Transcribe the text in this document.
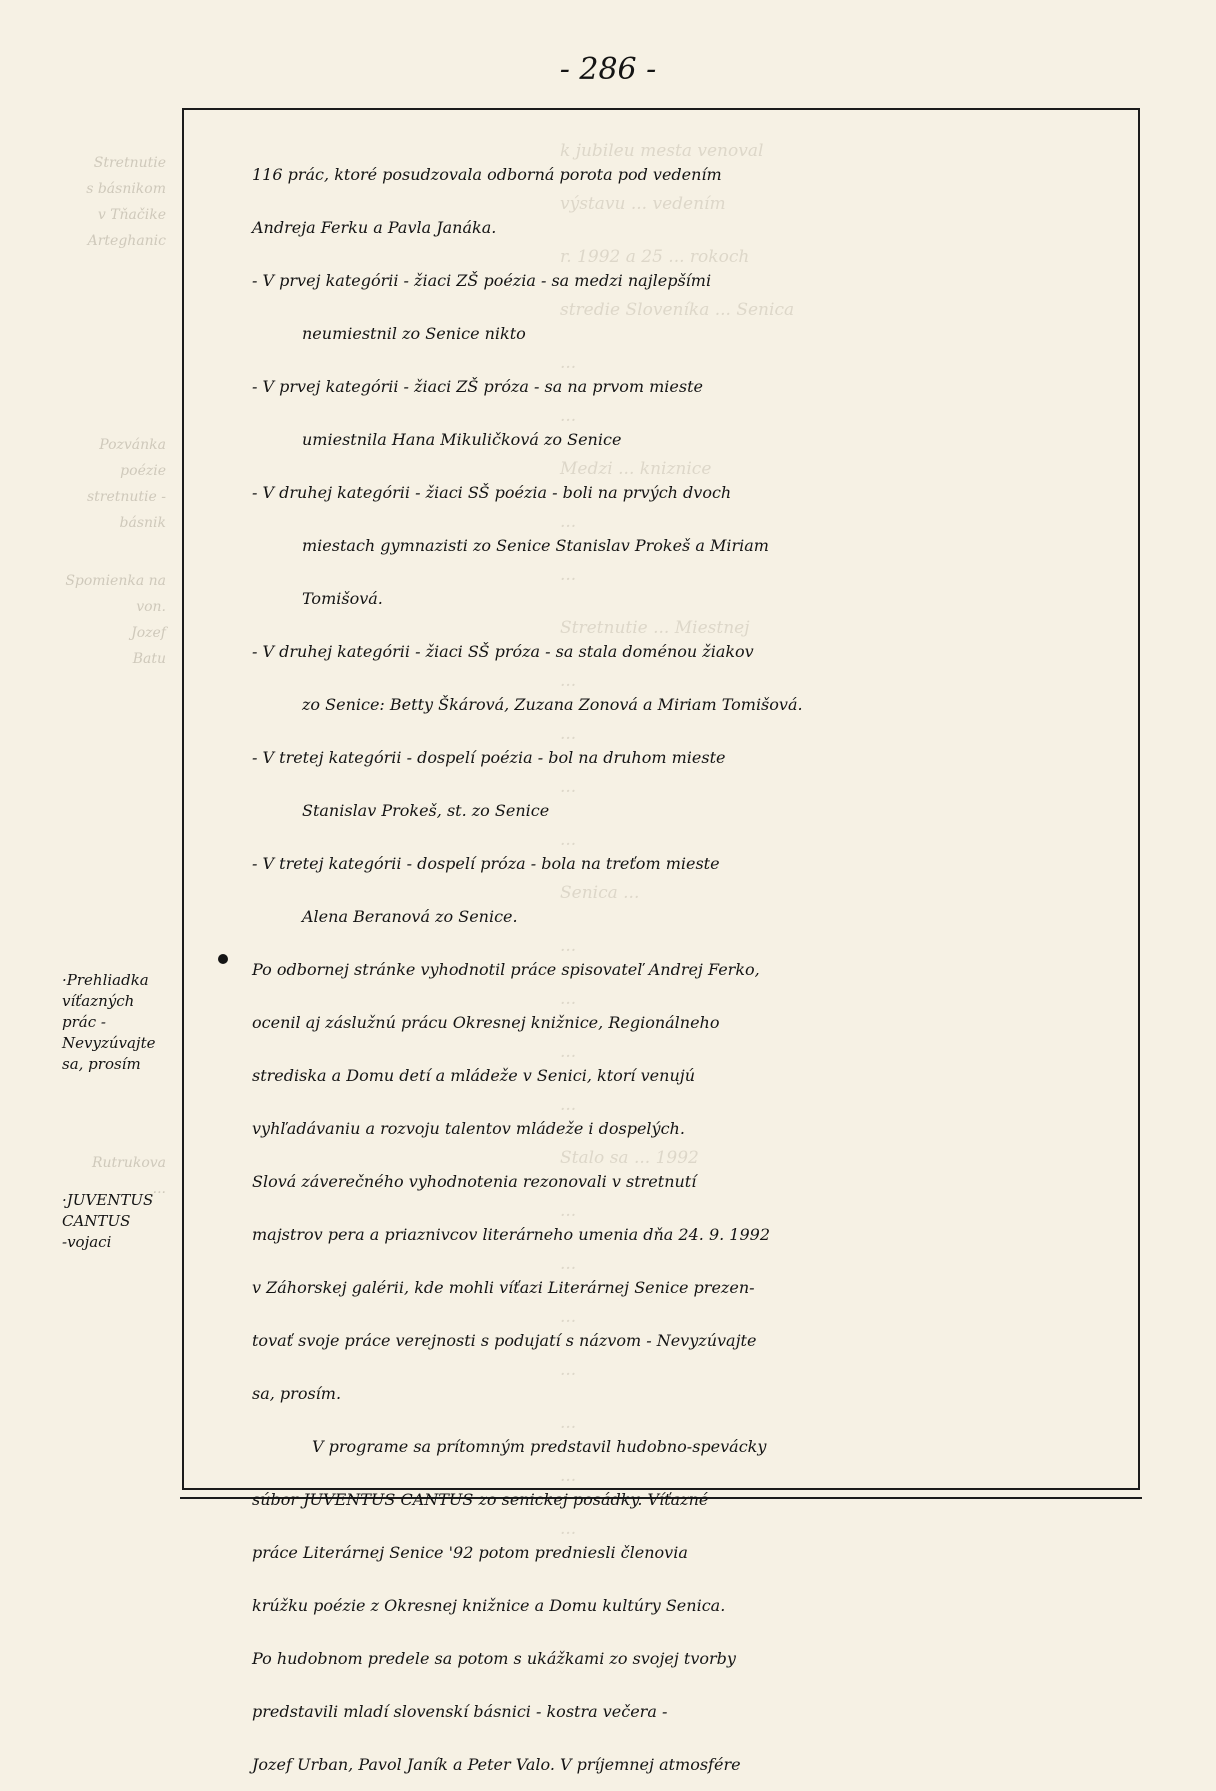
k jubileu mesta venoval
výstavu ... vedením
r. 1992 a 25 ... rokoch
stredie Sloveníka ... Senica
...
...
Medzi ... kniznice
...
...
Stretnutie ... Miestnej
...
...
...
...
Senica ...
...
...
...
...
Stalo sa ... 1992
...
...
...
...
...
...
...
Stretnutie
s básnikom
v Tňačike
Arteghanic
Pozvánka
poézie
stretnutie -
básnik
Spomienka na
von.
Jozef
Batu
Rutrukova
...
- 286 -
116 prác, ktoré posudzovala odborná porota pod vedením
Andreja Ferku a Pavla Janáka.
- V prvej kategórii - žiaci ZŠ poézia - sa medzi najlepšími
neumiestnil zo Senice nikto
- V prvej kategórii - žiaci ZŠ próza - sa na prvom mieste
umiestnila Hana Mikuličková zo Senice
- V druhej kategórii - žiaci SŠ poézia - boli na prvých dvoch
miestach gymnazisti zo Senice Stanislav Prokeš a Miriam
Tomišová.
- V druhej kategórii - žiaci SŠ próza - sa stala doménou žiakov
zo Senice: Betty Škárová, Zuzana Zonová a Miriam Tomišová.
- V tretej kategórii - dospelí poézia - bol na druhom mieste
Stanislav Prokeš, st. zo Senice
- V tretej kategórii - dospelí próza - bola na treťom mieste
Alena Beranová zo Senice.
Po odbornej stránke vyhodnotil práce spisovateľ Andrej Ferko,
ocenil aj záslužnú prácu Okresnej knižnice, Regionálneho
strediska a Domu detí a mládeže v Senici, ktorí venujú
vyhľadávaniu a rozvoju talentov mládeže i dospelých.
Slová záverečného vyhodnotenia rezonovali v stretnutí
majstrov pera a priaznivcov literárneho umenia dňa 24. 9. 1992
v Záhorskej galérii, kde mohli víťazi Literárnej Senice prezen-
tovať svoje práce verejnosti s podujatí s názvom - Nevyzúvajte
sa, prosím.
V programe sa prítomným predstavil hudobno-spevácky
súbor JUVENTUS CANTUS zo senickej posádky. Víťazné
práce Literárnej Senice '92 potom predniesli členovia
krúžku poézie z Okresnej knižnice a Domu kultúry Senica.
Po hudobnom predele sa potom s ukážkami zo svojej tvorby
predstavili mladí slovenskí básnici - kostra večera -
Jozef Urban, Pavol Janík a Peter Valo. V príjemnej atmosfére
·Prehliadka
víťazných
prác -
Nevyzúvajte
sa, prosím
·JUVENTUS
CANTUS
-vojaci
